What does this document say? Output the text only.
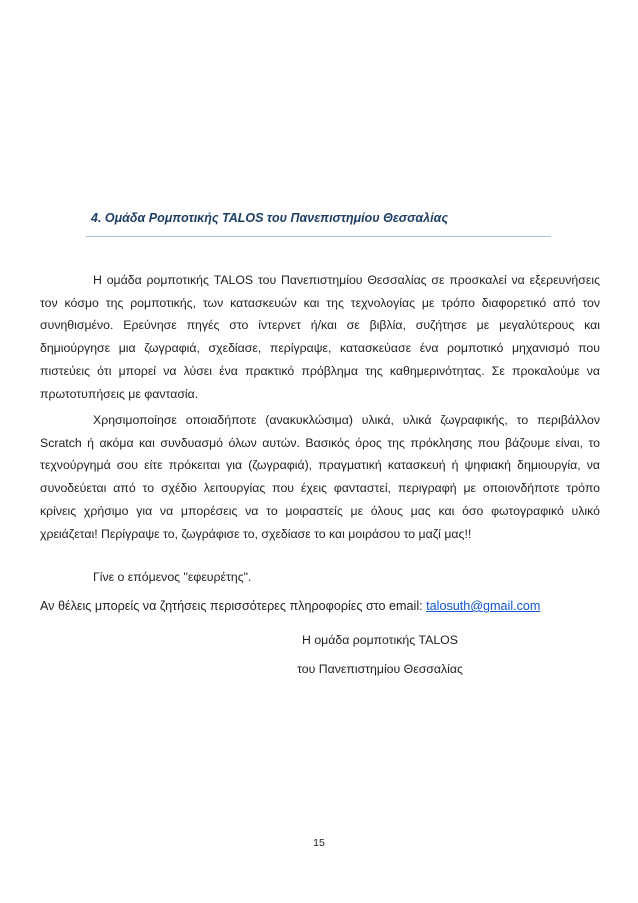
4. Ομάδα Ρομποτικής TALOS του Πανεπιστημίου Θεσσαλίας

Η ομάδα ρομποτικής TALOS του Πανεπιστημίου Θεσσαλίας σε προσκαλεί να εξερευνήσεις τον κόσμο της ρομποτικής, των κατασκευών και της τεχνολογίας με τρόπο διαφορετικό από τον συνηθισμένο. Ερεύνησε πηγές στο ίντερνετ ή/και σε βιβλία, συζήτησε με μεγαλύτερους και δημιούργησε μια ζωγραφιά, σχεδίασε, περίγραψε, κατασκεύασε ένα ρομποτικό μηχανισμό που πιστεύεις ότι μπορεί να λύσει ένα πρακτικό πρόβλημα της καθημερινότητας. Σε προκαλούμε να πρωτοτυπήσεις με φαντασία.

Χρησιμοποίησε οποιαδήποτε (ανακυκλώσιμα) υλικά, υλικά ζωγραφικής, το περιβάλλον Scratch ή ακόμα και συνδυασμό όλων αυτών. Βασικός όρος της πρόκλησης που βάζουμε είναι, το τεχνούργημά σου είτε πρόκειται για (ζωγραφιά), πραγματική κατασκευή ή ψηφιακή δημιουργία, να συνοδεύεται από το σχέδιο λειτουργίας που έχεις φανταστεί, περιγραφή με οποιονδήποτε τρόπο κρίνεις χρήσιμο για να μπορέσεις να το μοιραστείς με όλους μας και όσο φωτογραφικό υλικό χρειάζεται! Περίγραψε το, ζωγράφισε το, σχεδίασε το και μοιράσου το μαζί μας!!

Γίνε ο επόμενος "εφευρέτης".

Αν θέλεις μπορείς να ζητήσεις περισσότερες πληροφορίες στο email: talosuth@gmail.com

Η ομάδα ρομποτικής TALOS
του Πανεπιστημίου Θεσσαλίας
15
